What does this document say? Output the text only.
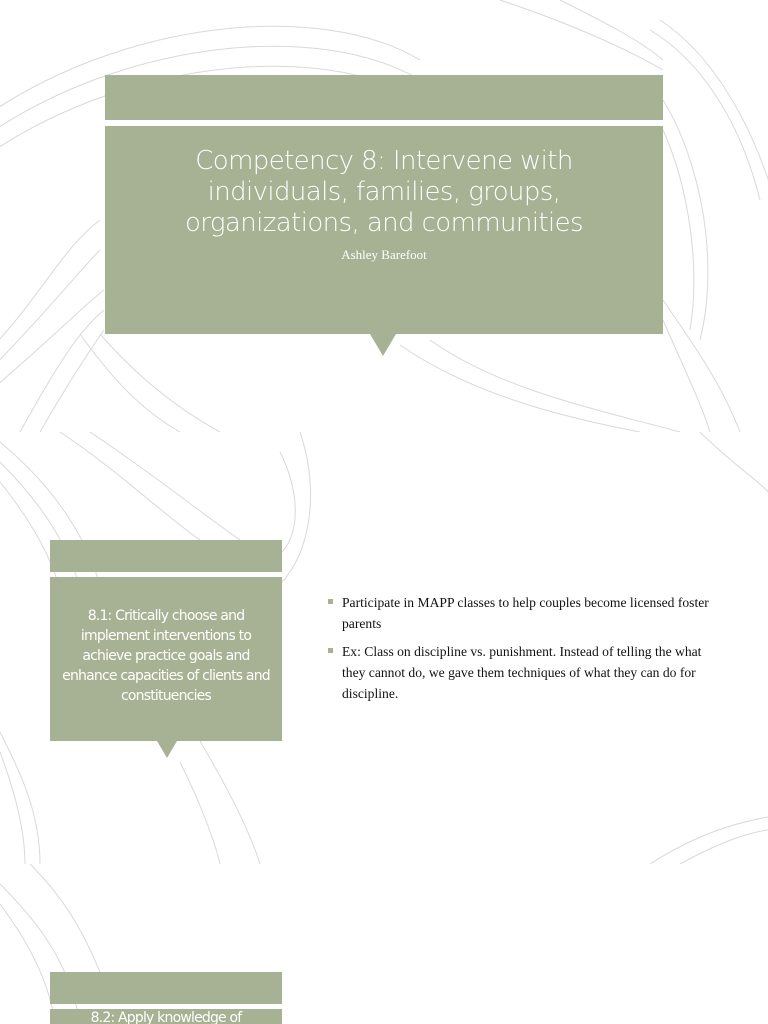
Competency 8: Intervene with individuals, families, groups, organizations, and communities

Ashley Barefoot

8.1: Critically choose and implement interventions to achieve practice goals and enhance capacities of clients and constituencies

Participate in MAPP classes to help couples become licensed foster parents
Ex: Class on discipline vs. punishment. Instead of telling the what they cannot do, we gave them techniques of what they can do for discipline.

8.2: Apply knowledge of
